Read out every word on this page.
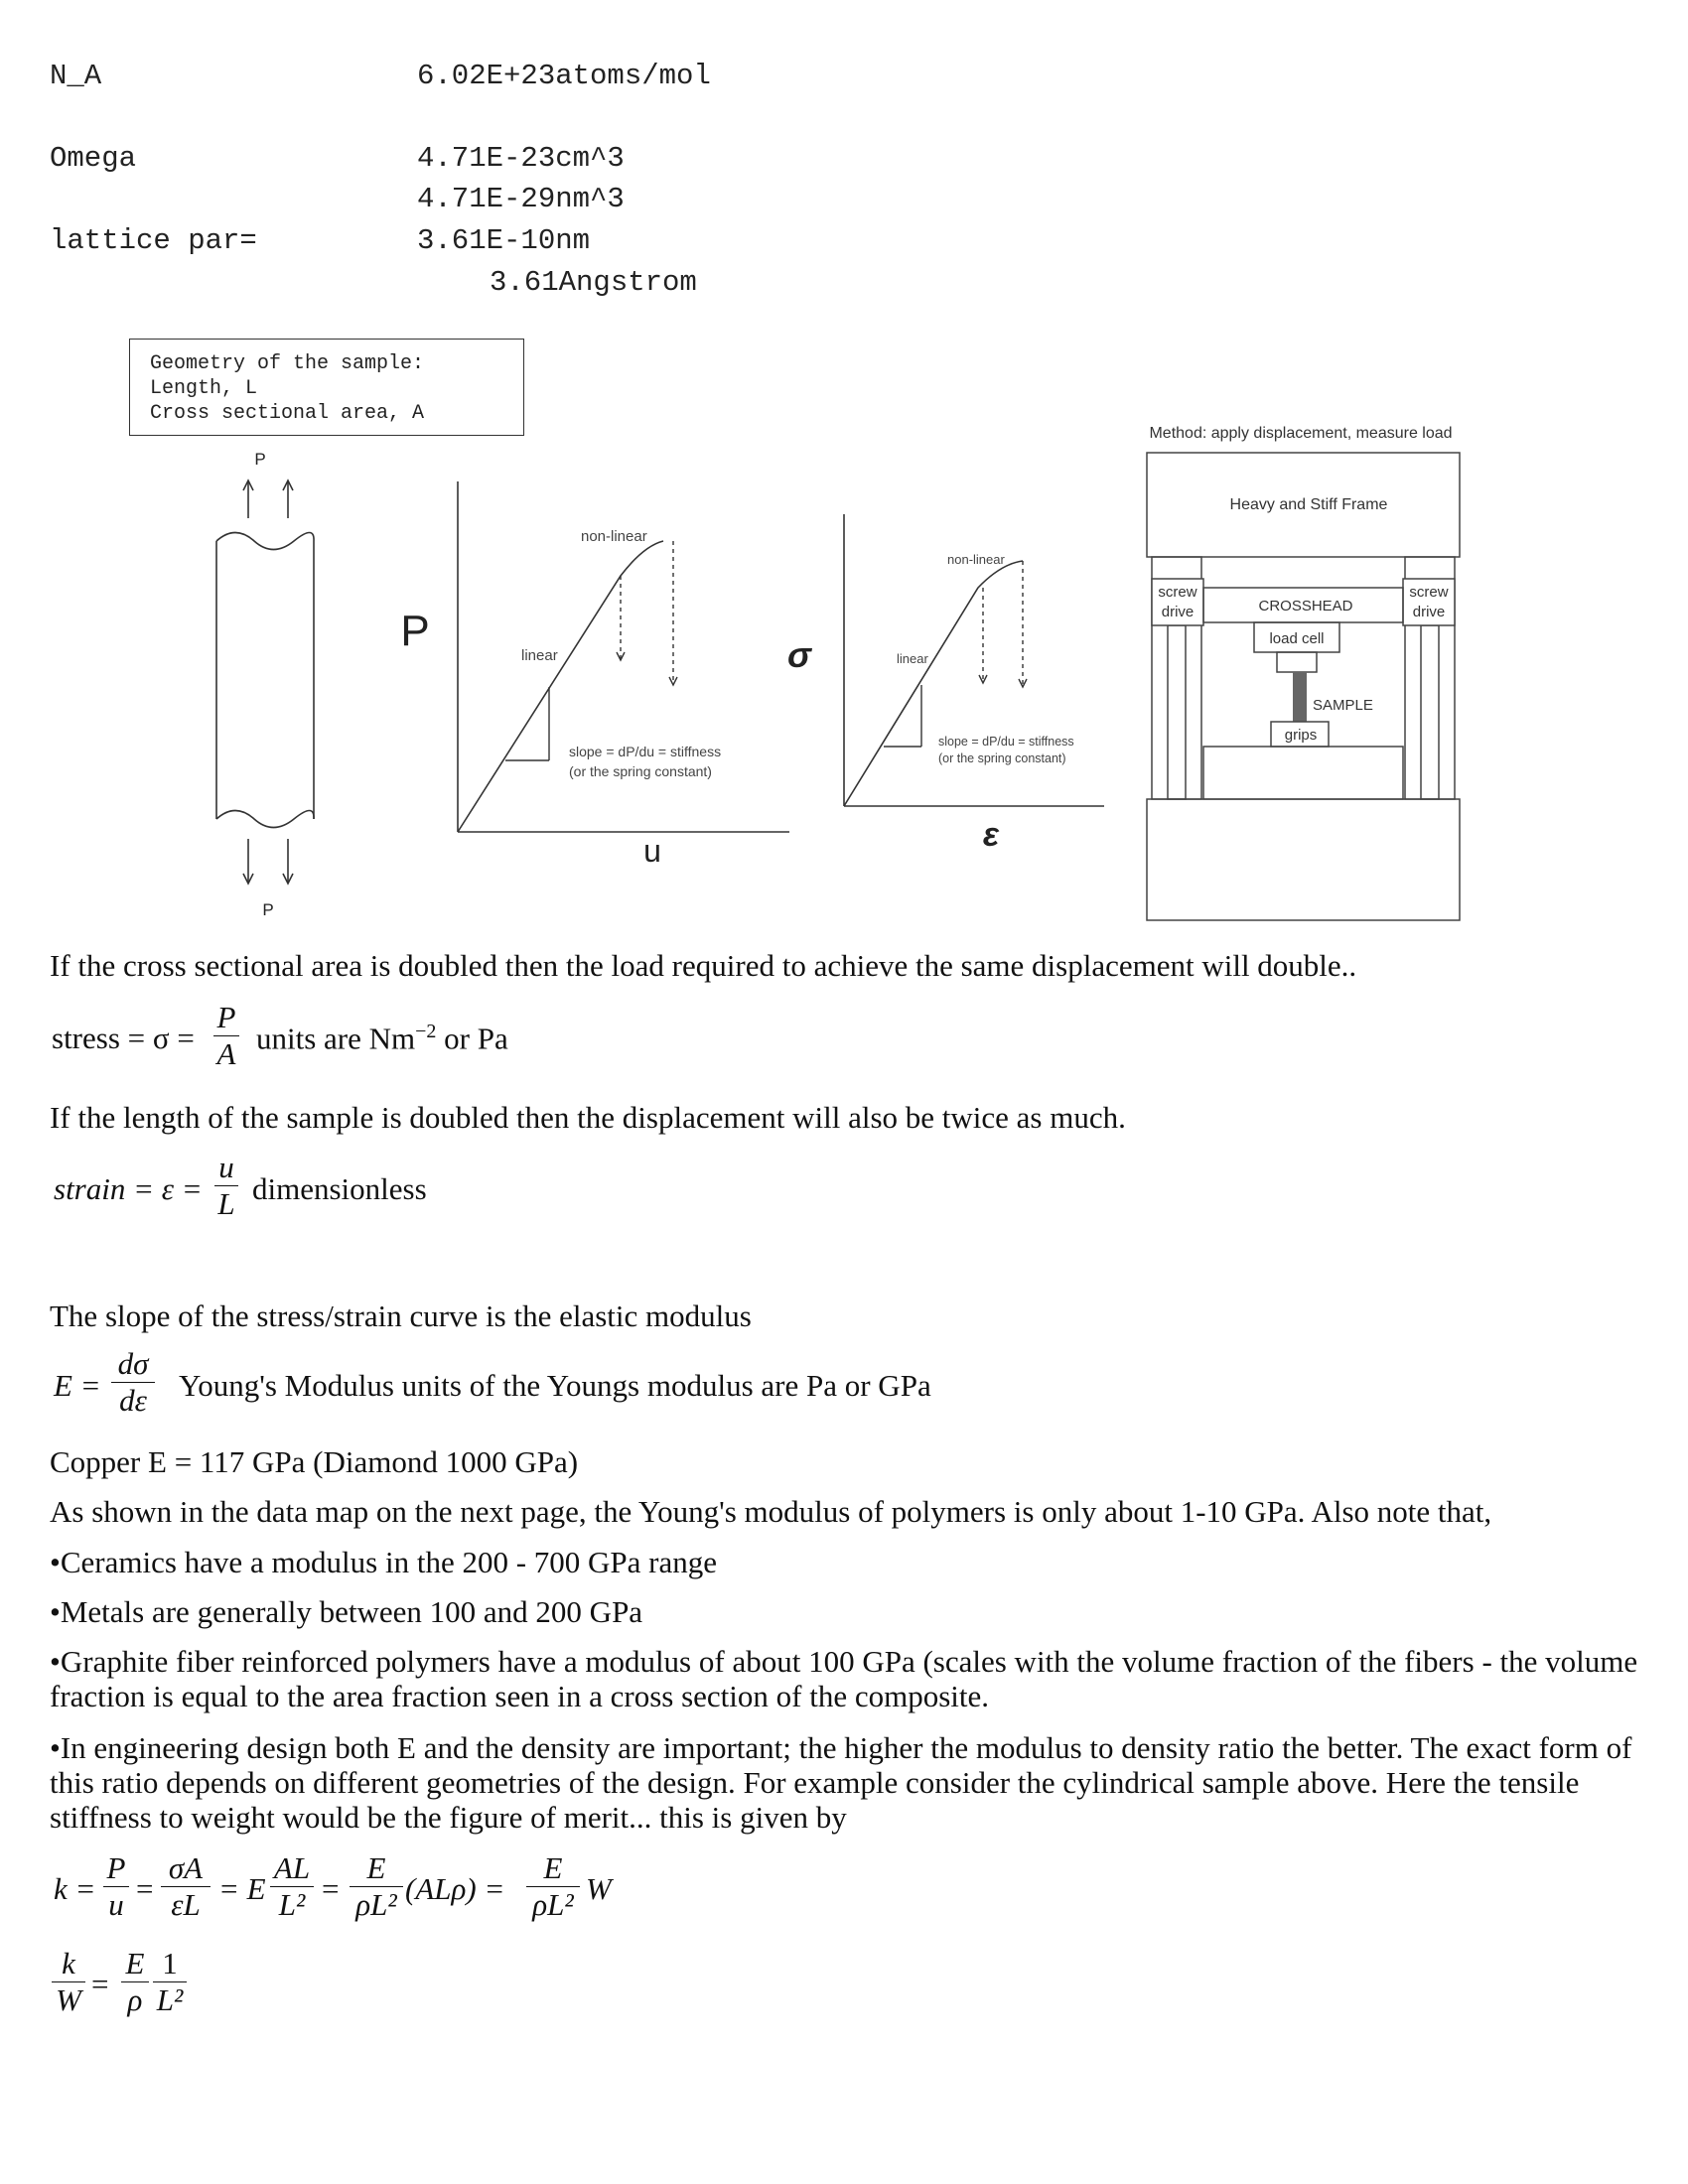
N_A	6.02E+23atoms/mol
Omega	4.71E-23cm^3
4.71E-29nm^3
lattice par=	3.61E-10nm
3.61Angstrom
Geometry of the sample:
Length, L
Cross sectional area, A
P
P
P
non-linear
linear
slope = dP/du = stiffness
(or the spring constant)
u
σ
non-linear
linear
slope = dP/du = stiffness
(or the spring constant)
ε
Method: apply displacement, measure load
Heavy and Stiff Frame
screw
drive
screw
drive
CROSSHEAD
load cell
SAMPLE
grips
If the cross sectional area is doubled then the load required to achieve the same displacement will double..
stress = σ =
P
A units are $Nm^{-2}$ or Pa
If the length of the sample is doubled then the displacement will also be twice as much.
strain = ε =
u
L dimensionless
The slope of the stress/strain curve is the elastic modulus
E =
dσ
dε Young's Modulus units of the Youngs modulus are Pa or GPa
Copper E = 117 GPa (Diamond 1000 GPa)
As shown in the data map on the next page, the Young's modulus of polymers is only about 1-10 GPa. Also note that,
•Ceramics have a modulus in the 200 - 700 GPa range
•Metals are generally between 100 and 200 GPa
•Graphite fiber reinforced polymers have a modulus of about 100 GPa (scales with the volume fraction of the fibers - the volume fraction is equal to the area fraction seen in a cross section of the composite.
•In engineering design both E and the density are important; the higher the modulus to density ratio the better. The exact form of this ratio depends on different geometries of the design. For example consider the cylindrical sample above. Here the tensile stiffness to weight would be the figure of merit... this is given by
k =
P
u =
σA
εL = E
AL
L² =
E
ρL² (ALρ) =
E
ρL² W
k
W =
E
ρ
1
L²
